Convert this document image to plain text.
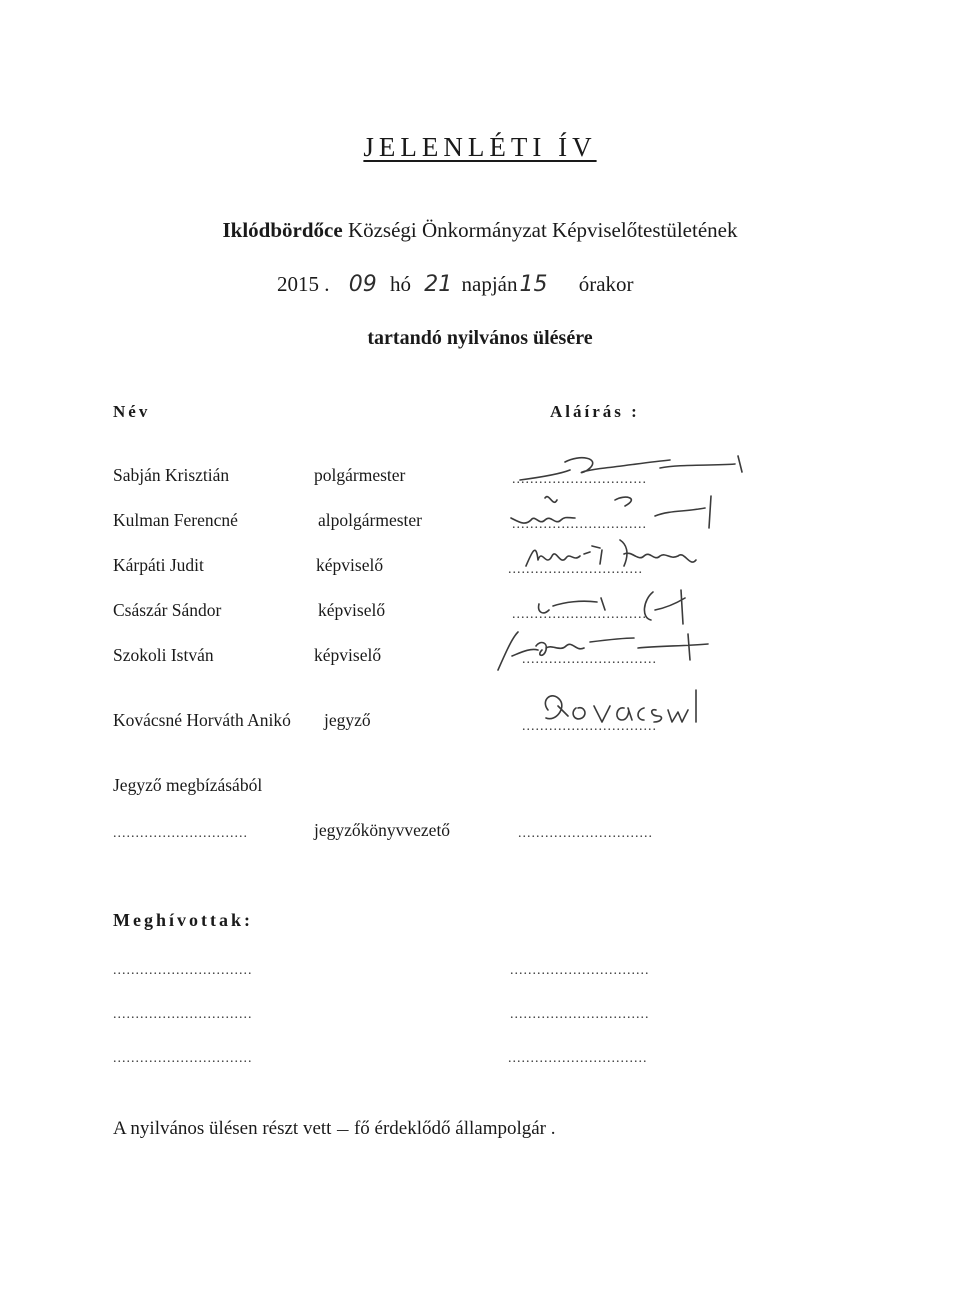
JELENLÉTI ÍV
Iklódbördőce Községi Önkormányzat Képviselőtestületének
2015 . 09 hó 21 napján15 órakor
tartandó nyilvános ülésére
Név	Aláírás :
Sabján Krisztián	polgármester	..............................
Kulman Ferencné	alpolgármester	..............................
Kárpáti Judit	képviselő	..............................
Császár Sándor	képviselő	..............................
Szokoli István	képviselő	..............................
Kovácsné Horváth Anikó jegyző	..............................
Jegyző megbízásából
..............................	jegyzőkönyvvezető	..............................
Meghívottak:
...............................	...............................
...............................	...............................
...............................	...............................
A nyilvános ülésen részt vett — fő érdeklődő állampolgár .
